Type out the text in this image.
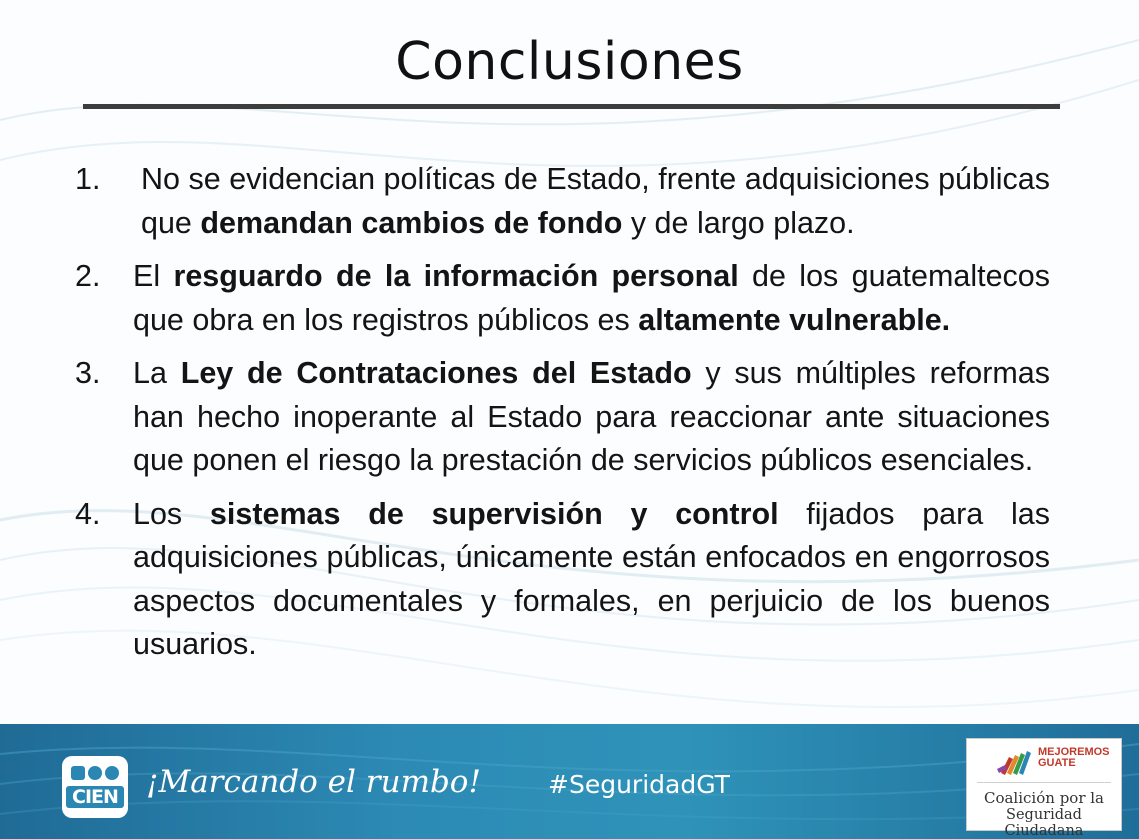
Conclusiones
1.	No se evidencian políticas de Estado, frente adquisiciones públicas que demandan cambios de fondo y de largo plazo.
2.	El resguardo de la información personal de los guatemaltecos que obra en los registros públicos es altamente vulnerable.
3.	La Ley de Contrataciones del Estado y sus múltiples reformas han hecho inoperante al Estado para reaccionar ante situaciones que ponen el riesgo la prestación de servicios públicos esenciales.
4.	Los sistemas de supervisión y control fijados para las adquisiciones públicas, únicamente están enfocados en engorrosos aspectos documentales y formales, en perjuicio de los buenos usuarios.
CIEN ¡Marcando el rumbo!	#SeguridadGT
MEJOREMOS
GUATE
Coalición por la
Seguridad Ciudadana
